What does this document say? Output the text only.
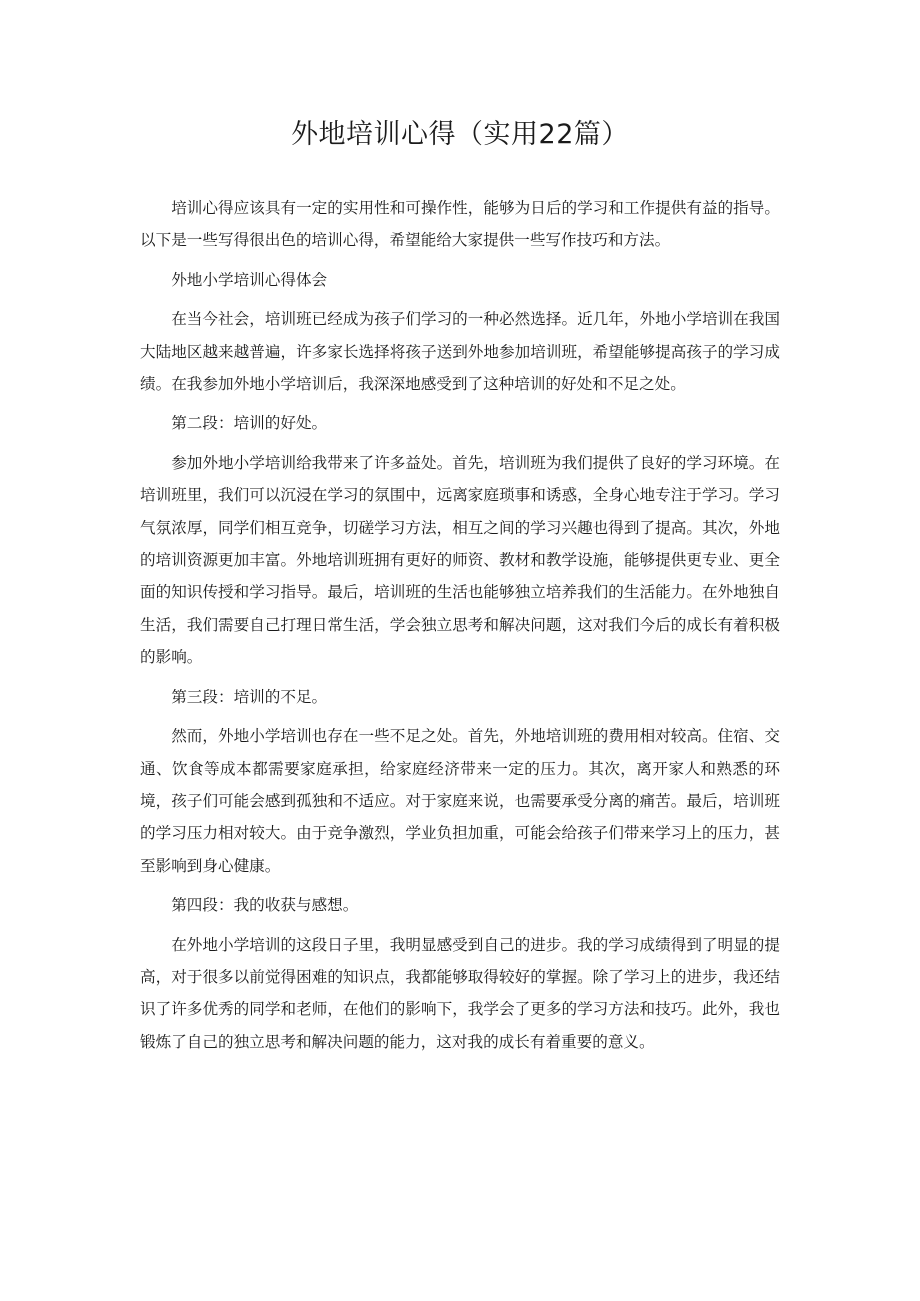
外地培训心得（实用22篇）

培训心得应该具有一定的实用性和可操作性，能够为日后的学习和工作提供有益的指导。以下是一些写得很出色的培训心得，希望能给大家提供一些写作技巧和方法。

外地小学培训心得体会

在当今社会，培训班已经成为孩子们学习的一种必然选择。近几年，外地小学培训在我国大陆地区越来越普遍，许多家长选择将孩子送到外地参加培训班，希望能够提高孩子的学习成绩。在我参加外地小学培训后，我深深地感受到了这种培训的好处和不足之处。

第二段：培训的好处。

参加外地小学培训给我带来了许多益处。首先，培训班为我们提供了良好的学习环境。在培训班里，我们可以沉浸在学习的氛围中，远离家庭琐事和诱惑，全身心地专注于学习。学习气氛浓厚，同学们相互竞争，切磋学习方法，相互之间的学习兴趣也得到了提高。其次，外地的培训资源更加丰富。外地培训班拥有更好的师资、教材和教学设施，能够提供更专业、更全面的知识传授和学习指导。最后，培训班的生活也能够独立培养我们的生活能力。在外地独自生活，我们需要自己打理日常生活，学会独立思考和解决问题，这对我们今后的成长有着积极的影响。

第三段：培训的不足。

然而，外地小学培训也存在一些不足之处。首先，外地培训班的费用相对较高。住宿、交通、饮食等成本都需要家庭承担，给家庭经济带来一定的压力。其次，离开家人和熟悉的环境，孩子们可能会感到孤独和不适应。对于家庭来说，也需要承受分离的痛苦。最后，培训班的学习压力相对较大。由于竞争激烈，学业负担加重，可能会给孩子们带来学习上的压力，甚至影响到身心健康。

第四段：我的收获与感想。

在外地小学培训的这段日子里，我明显感受到自己的进步。我的学习成绩得到了明显的提高，对于很多以前觉得困难的知识点，我都能够取得较好的掌握。除了学习上的进步，我还结识了许多优秀的同学和老师，在他们的影响下，我学会了更多的学习方法和技巧。此外，我也锻炼了自己的独立思考和解决问题的能力，这对我的成长有着重要的意义。
